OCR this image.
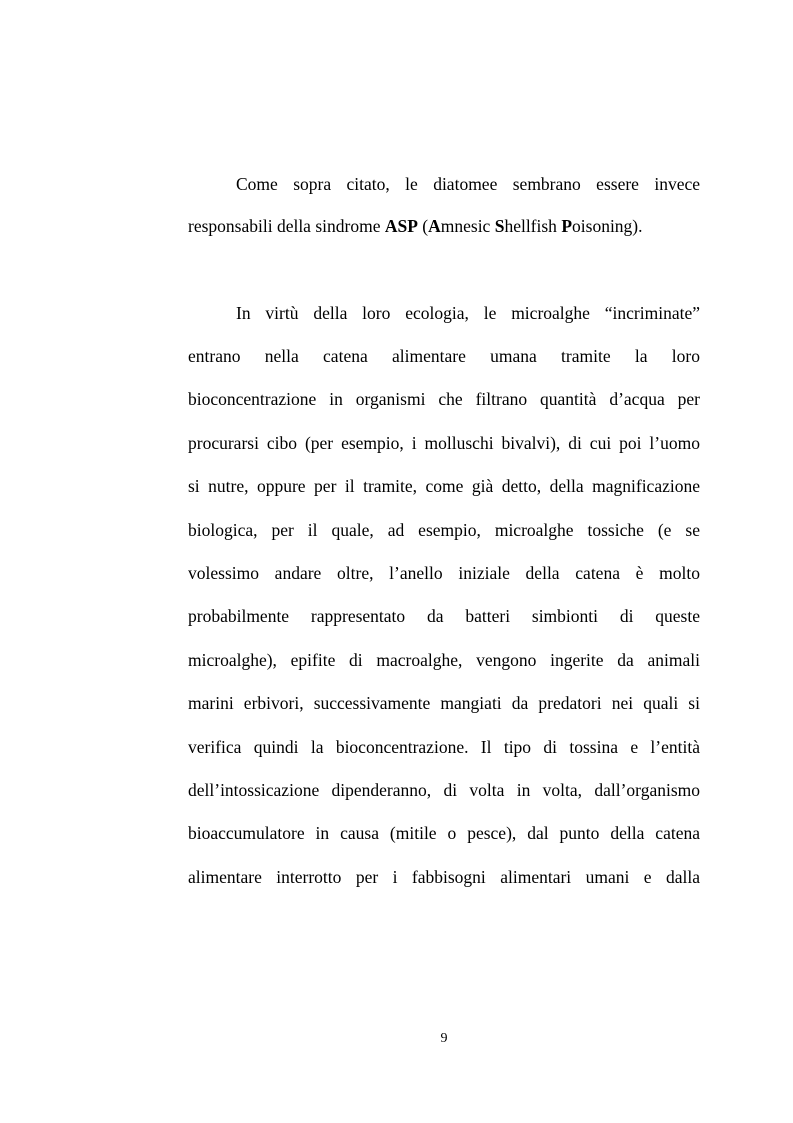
Come sopra citato, le diatomee sembrano essere invece
responsabili della sindrome ASP (Amnesic Shellfish Poisoning).
In virtù della loro ecologia, le microalghe “incriminate”
entrano nella catena alimentare umana tramite la loro
bioconcentrazione in organismi che filtrano quantità d’acqua per
procurarsi cibo (per esempio, i molluschi bivalvi), di cui poi l’uomo
si nutre, oppure per il tramite, come già detto, della magnificazione
biologica, per il quale, ad esempio, microalghe tossiche (e se
volessimo andare oltre, l’anello iniziale della catena è molto
probabilmente rappresentato da batteri simbionti di queste
microalghe), epifite di macroalghe, vengono ingerite da animali
marini erbivori, successivamente mangiati da predatori nei quali si
verifica quindi la bioconcentrazione. Il tipo di tossina e l’entità
dell’intossicazione dipenderanno, di volta in volta, dall’organismo
bioaccumulatore in causa (mitile o pesce), dal punto della catena
alimentare interrotto per i fabbisogni alimentari umani e dalla
9
